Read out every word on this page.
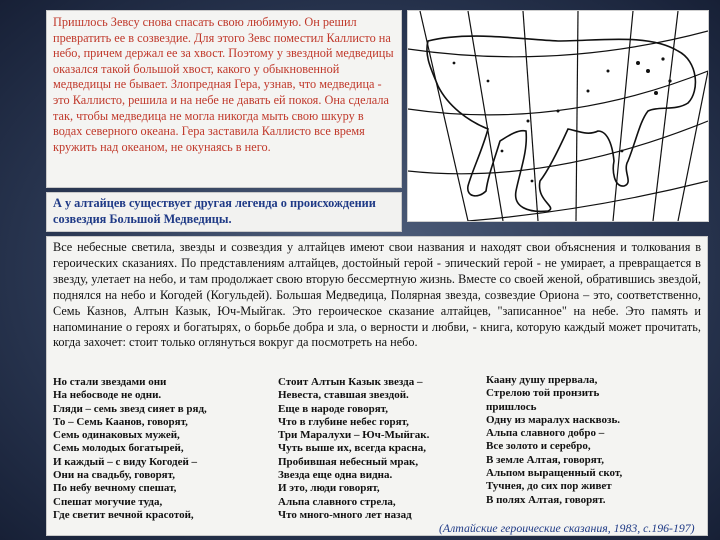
Пришлось Зевсу снова спасать свою любимую. Он решил превратить ее в созвездие. Для этого Зевс поместил Каллисто на небо, причем держал ее за хвост. Поэтому у звездной медведицы оказался такой большой хвост, какого у обыкновенной медведицы не бывает. Злопредная Гера, узнав, что медведица - это Каллисто, решила и на небе не давать ей покоя. Она сделала так, чтобы медведица не могла никогда мыть свою шкуру в водах северного океана. Гера заставила Каллисто все время кружить над океаном, не окунаясь в него.

А у алтайцев существует другая легенда о происхождении созвездия Большой Медведицы.

Все небесные светила, звезды и созвездия у алтайцев имеют свои названия и находят свои объяснения и толкования в героических сказаниях. По представлениям алтайцев, достойный герой - эпический герой - не умирает, а превращается в звезду, улетает на небо, и там продолжает свою вторую бессмертную жизнь. Вместе со своей женой, обратившись звездой, поднялся на небо и Когодей (Когульдей). Большая Медведица, Полярная звезда, созвездие Ориона – это, соответственно, Семь Казнов, Алтын Казык, Юч-Мыйгак. Это героическое сказание алтайцев, "записанное" на небе. Это память и напоминание о героях и богатырях, о борьбе добра и зла, о верности и любви, - книга, которую каждый может прочитать, когда захочет: стоит только оглянуться вокруг да посмотреть на небо.

Но стали звездами они
На небосводе не одни.
Гляди – семь звезд сияет в ряд,
То – Семь Каанов, говорят,
Семь одинаковых мужей,
Семь молодых богатырей,
И каждый – с виду Когодей –
Они на свадьбу, говорят,
По небу вечному спешат,
Спешат могучие туда,
Где светит вечной красотой,
Стоит Алтын Казык звезда –
Невеста, ставшая звездой.
Еще в народе говорят,
Что в глубине небес горят,
Три Маралухи – Юч-Мыйгак.
Чуть выше их, всегда красна,
Пробившая небесный мрак,
Звезда еще одна видна.
И это, люди говорят,
Альпа славного стрела,
Что много-много лет назад
Каану душу прервала,
Стрелою той пронзить
пришлось
Одну из маралух насквозь.
Альпа славного добро –
Все золото и серебро,
В земле Алтая, говорят,
Альпом выращенный скот,
Тучнея, до сих пор живет
В полях Алтая, говорят.
(Алтайские героические сказания, 1983, с.196-197)
